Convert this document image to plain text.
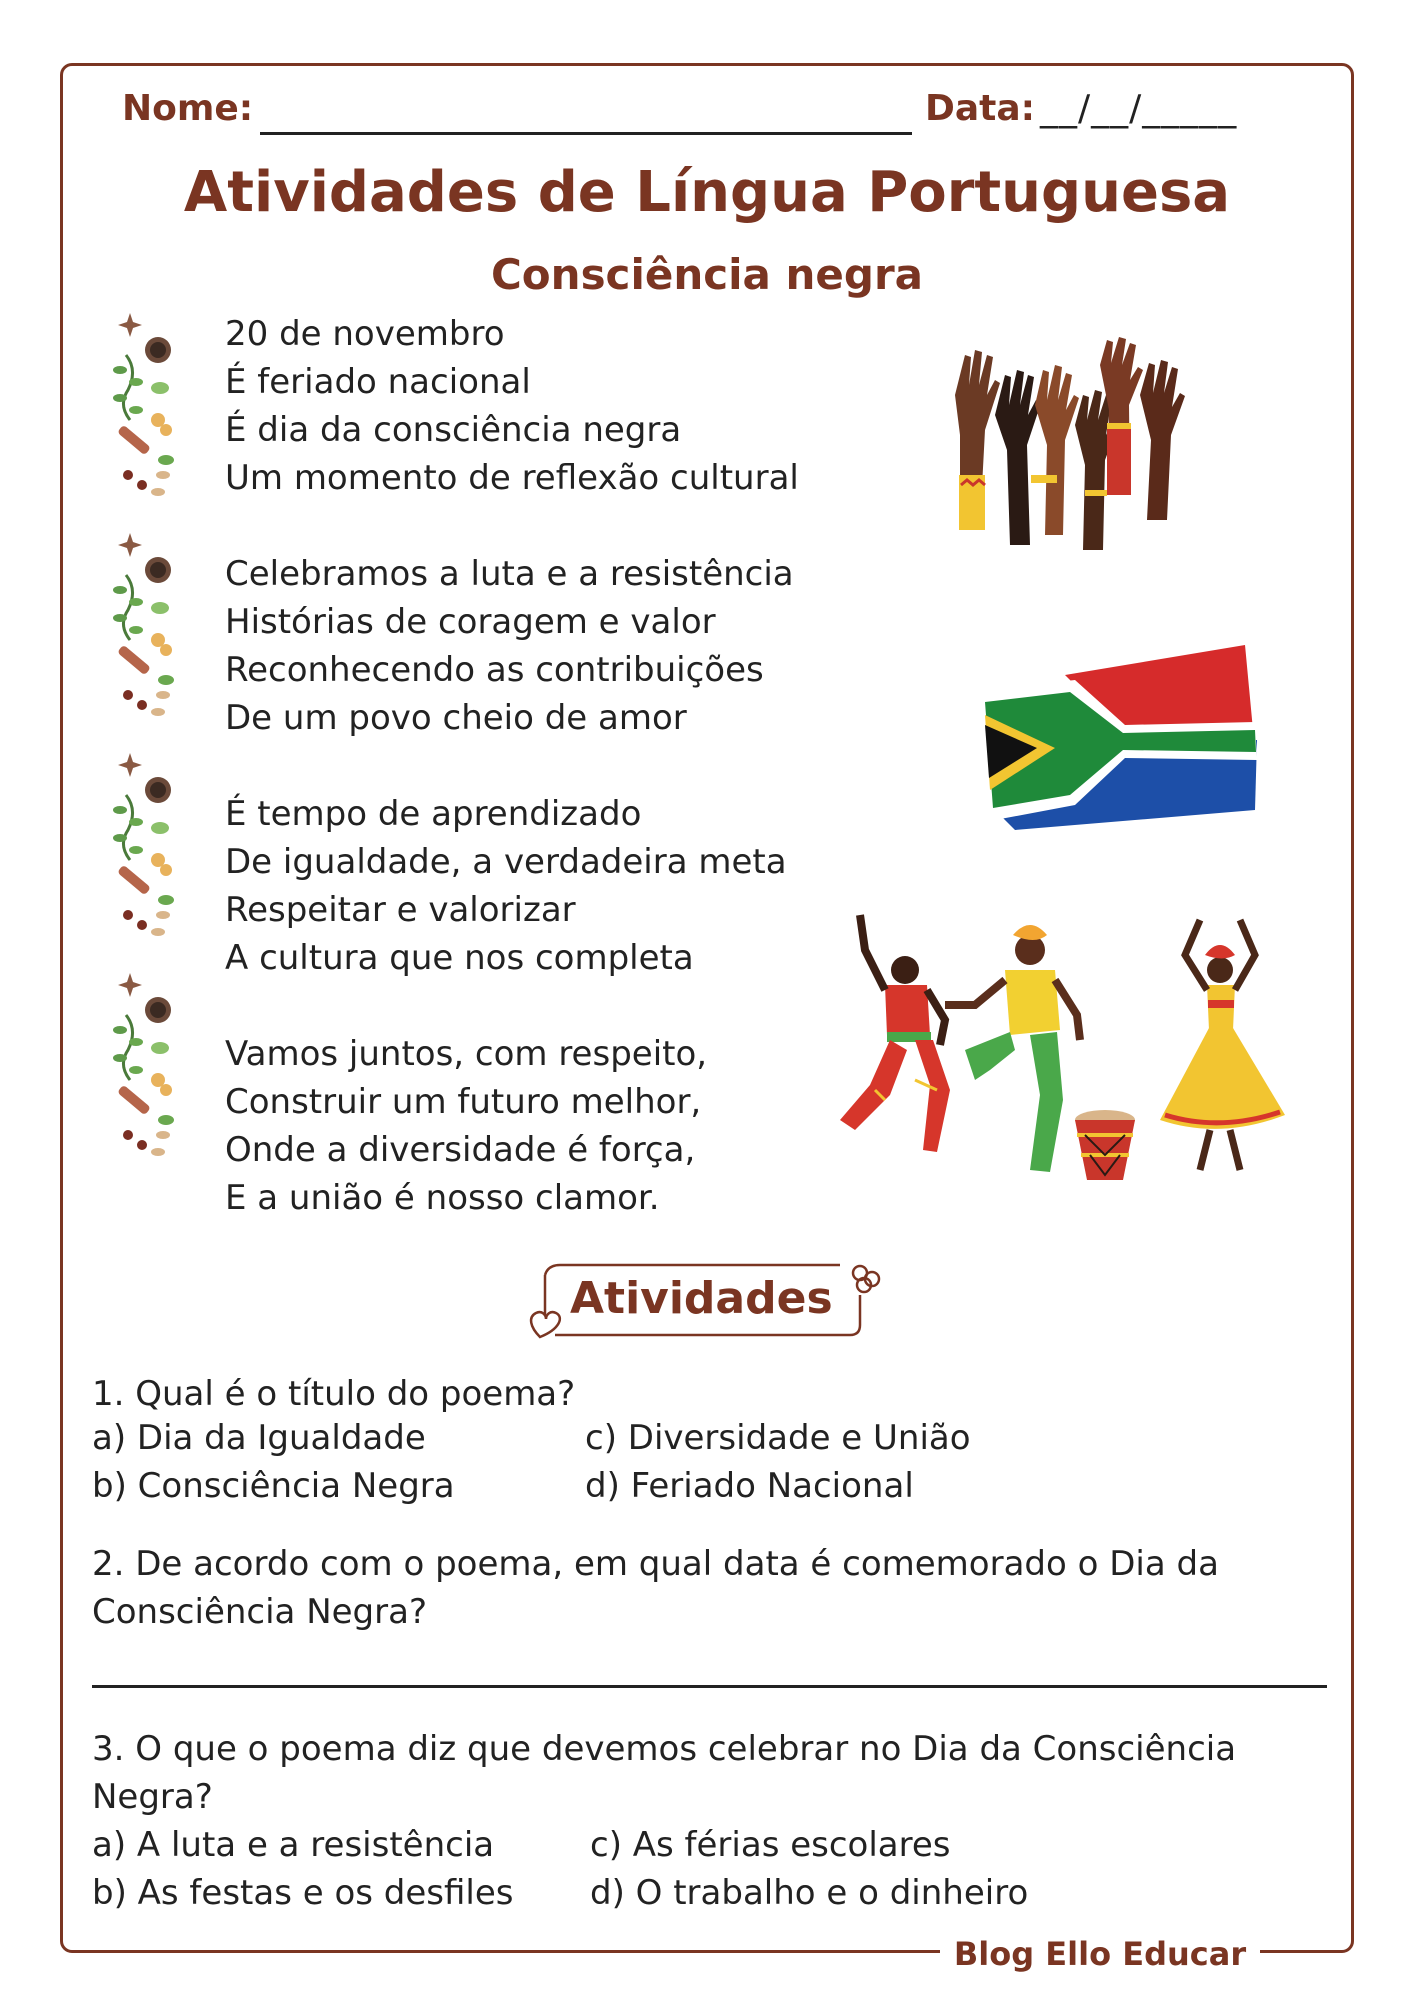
Blog Ello Educar
Nome:	Data: __/__/_____
Atividades de Língua Portuguesa
Consciência negra
20 de novembro
É feriado nacional
É dia da consciência negra
Um momento de reflexão cultural
Celebramos a luta e a resistência
Histórias de coragem e valor
Reconhecendo as contribuições
De um povo cheio de amor
É tempo de aprendizado
De igualdade, a verdadeira meta
Respeitar e valorizar
A cultura que nos completa
Vamos juntos, com respeito,
Construir um futuro melhor,
Onde a diversidade é força,
E a união é nosso clamor.
Atividades
1. Qual é o título do poema?
a) Dia da Igualdade
b) Consciência Negra
c) Diversidade e União
d) Feriado Nacional
2. De acordo com o poema, em qual data é comemorado o Dia da Consciência Negra?
3. O que o poema diz que devemos celebrar no Dia da Consciência Negra?
a) A luta e a resistência
b) As festas e os desfiles
c) As férias escolares
d) O trabalho e o dinheiro
